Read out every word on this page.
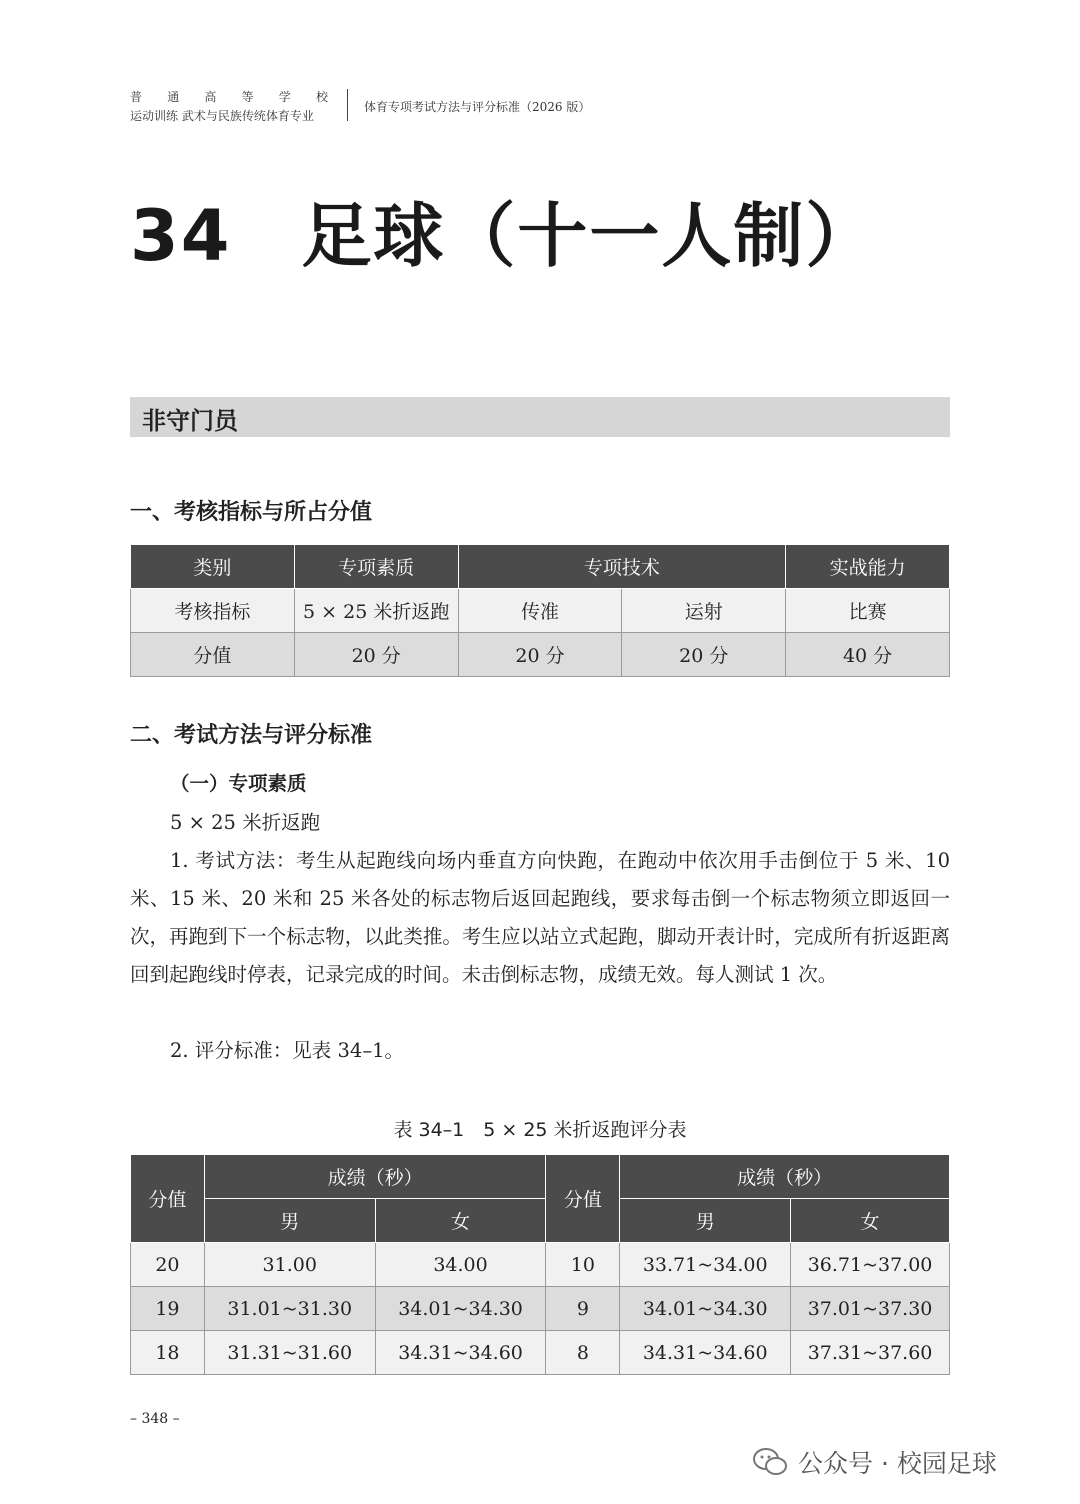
普 通 高 等 学 校
运动训练 武术与民族传统体育专业
体育专项考试方法与评分标准（2026 版）
34 足球（十一人制）
非守门员
一、考核指标与所占分值
类别	专项素质	专项技术		实战能力
考核指标	5 × 25 米折返跑	传准	运射	比赛
分值	20 分	20 分	20 分	40 分
二、考试方法与评分标准
（一）专项素质
5 × 25 米折返跑
1. 考试方法：考生从起跑线向场内垂直方向快跑，在跑动中依次用手击倒位于 5 米、10 米、15 米、20 米和 25 米各处的标志物后返回起跑线，要求每击倒一个标志物须立即返回一次，再跑到下一个标志物，以此类推。考生应以站立式起跑，脚动开表计时，完成所有折返距离回到起跑线时停表，记录完成的时间。未击倒标志物，成绩无效。每人测试 1 次。
2. 评分标准：见表 34–1。
表 34–1　5 × 25 米折返跑评分表
分值	成绩（秒）		分值	成绩（秒）	
	男	女		男	女
20	31.00	34.00	10	33.71~34.00	36.71~37.00
19	31.01~31.30	34.01~34.30	9	34.01~34.30	37.01~37.30
18	31.31~31.60	34.31~34.60	8	34.31~34.60	37.31~37.60
– 348 –
公众号 · 校园足球
